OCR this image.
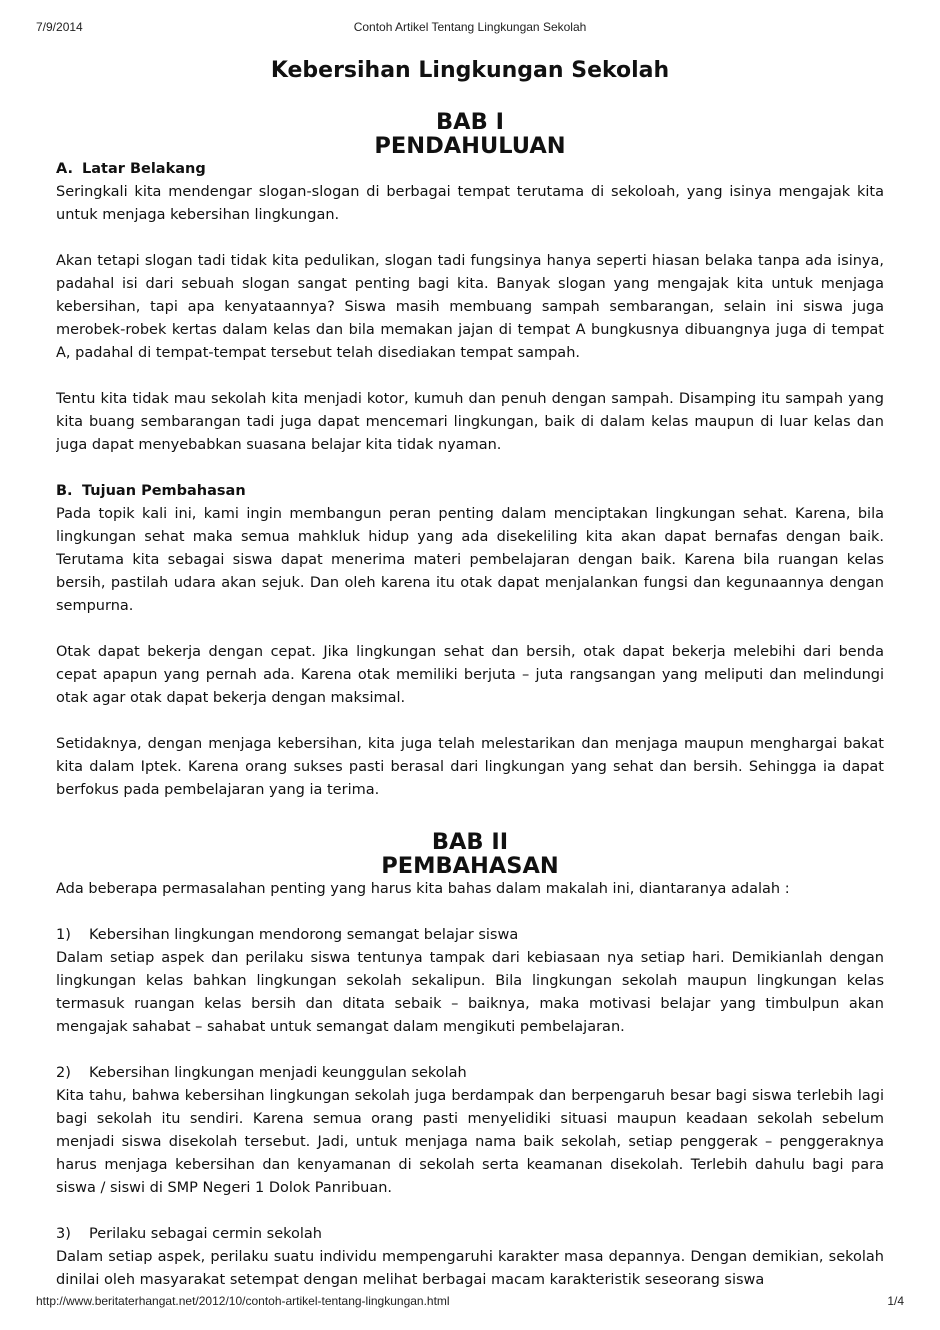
7/9/2014	Contoh Artikel Tentang Lingkungan Sekolah
Kebersihan Lingkungan Sekolah
BAB I
PENDAHULUAN
A. Latar Belakang

Seringkali kita mendengar slogan-slogan di berbagai tempat terutama di sekoloah, yang isinya mengajak kita untuk menjaga kebersihan lingkungan.

Akan tetapi slogan tadi tidak kita pedulikan, slogan tadi fungsinya hanya seperti hiasan belaka tanpa ada isinya, padahal isi dari sebuah slogan sangat penting bagi kita. Banyak slogan yang mengajak kita untuk menjaga kebersihan, tapi apa kenyataannya? Siswa masih membuang sampah sembarangan, selain ini siswa juga merobek-robek kertas dalam kelas dan bila memakan jajan di tempat A bungkusnya dibuangnya juga di tempat A, padahal di tempat-tempat tersebut telah disediakan tempat sampah.

Tentu kita tidak mau sekolah kita menjadi kotor, kumuh dan penuh dengan sampah. Disamping itu sampah yang kita buang sembarangan tadi juga dapat mencemari lingkungan, baik di dalam kelas maupun di luar kelas dan juga dapat menyebabkan suasana belajar kita tidak nyaman.

B. Tujuan Pembahasan

Pada topik kali ini, kami ingin membangun peran penting dalam menciptakan lingkungan sehat. Karena, bila lingkungan sehat maka semua mahkluk hidup yang ada disekeliling kita akan dapat bernafas dengan baik. Terutama kita sebagai siswa dapat menerima materi pembelajaran dengan baik. Karena bila ruangan kelas bersih, pastilah udara akan sejuk. Dan oleh karena itu otak dapat menjalankan fungsi dan kegunaannya dengan sempurna.

Otak dapat bekerja dengan cepat. Jika lingkungan sehat dan bersih, otak dapat bekerja melebihi dari benda cepat apapun yang pernah ada. Karena otak memiliki berjuta – juta rangsangan yang meliputi dan melindungi otak agar otak dapat bekerja dengan maksimal.

Setidaknya, dengan menjaga kebersihan, kita juga telah melestarikan dan menjaga maupun menghargai bakat kita dalam Iptek. Karena orang sukses pasti berasal dari lingkungan yang sehat dan bersih. Sehingga ia dapat berfokus pada pembelajaran yang ia terima.

BAB II
PEMBAHASAN

Ada beberapa permasalahan penting yang harus kita bahas dalam makalah ini, diantaranya adalah :

1) Kebersihan lingkungan mendorong semangat belajar siswa

Dalam setiap aspek dan perilaku siswa tentunya tampak dari kebiasaan nya setiap hari. Demikianlah dengan lingkungan kelas bahkan lingkungan sekolah sekalipun. Bila lingkungan sekolah maupun lingkungan kelas termasuk ruangan kelas bersih dan ditata sebaik – baiknya, maka motivasi belajar yang timbulpun akan mengajak sahabat – sahabat untuk semangat dalam mengikuti pembelajaran.

2) Kebersihan lingkungan menjadi keunggulan sekolah

Kita tahu, bahwa kebersihan lingkungan sekolah juga berdampak dan berpengaruh besar bagi siswa terlebih lagi bagi sekolah itu sendiri. Karena semua orang pasti menyelidiki situasi maupun keadaan sekolah sebelum menjadi siswa disekolah tersebut. Jadi, untuk menjaga nama baik sekolah, setiap penggerak – penggeraknya harus menjaga kebersihan dan kenyamanan di sekolah serta keamanan disekolah. Terlebih dahulu bagi para siswa / siswi di SMP Negeri 1 Dolok Panribuan.

3) Perilaku sebagai cermin sekolah

Dalam setiap aspek, perilaku suatu individu mempengaruhi karakter masa depannya. Dengan demikian, sekolah dinilai oleh masyarakat setempat dengan melihat berbagai macam karakteristik seseorang siswa

http://www.beritaterhangat.net/2012/10/contoh-artikel-tentang-lingkungan.html	1/4
